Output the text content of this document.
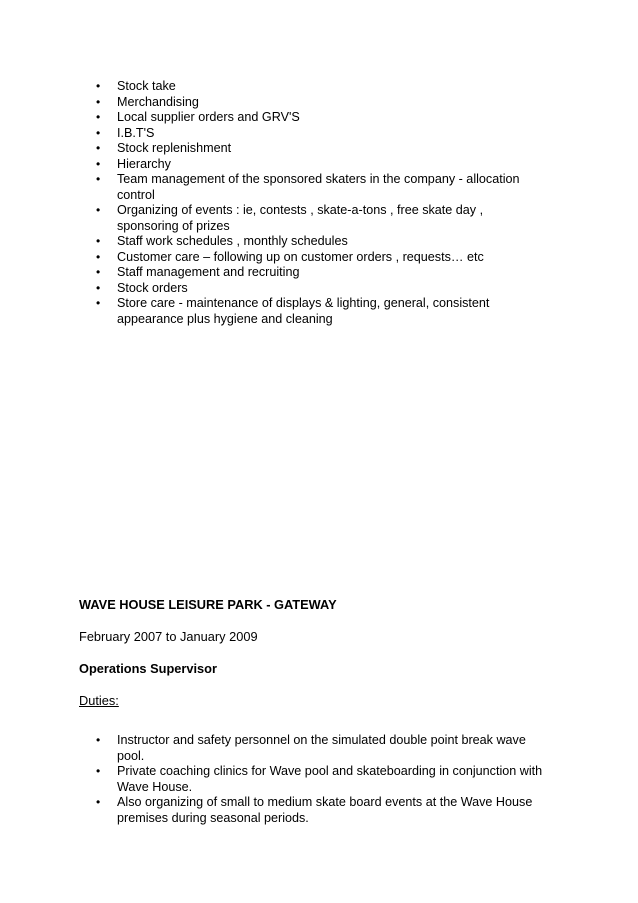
• Stock take
• Merchandising
• Local supplier orders and GRV'S
• I.B.T'S
• Stock replenishment
• Hierarchy
• Team management of the sponsored skaters in the company - allocation control
• Organizing of events : ie, contests , skate-a-tons , free skate day , sponsoring of prizes
• Staff work schedules , monthly schedules
• Customer care – following up on customer orders , requests… etc
• Staff management and recruiting
• Stock orders
• Store care - maintenance of displays & lighting, general, consistent appearance plus hygiene and cleaning
WAVE HOUSE LEISURE PARK - GATEWAY
February 2007 to January 2009
Operations Supervisor
Duties:
• Instructor and safety personnel on the simulated double point break wave pool.
• Private coaching clinics for Wave pool and skateboarding in conjunction with Wave House.
• Also organizing of small to medium skate board events at the Wave House premises during seasonal periods.
